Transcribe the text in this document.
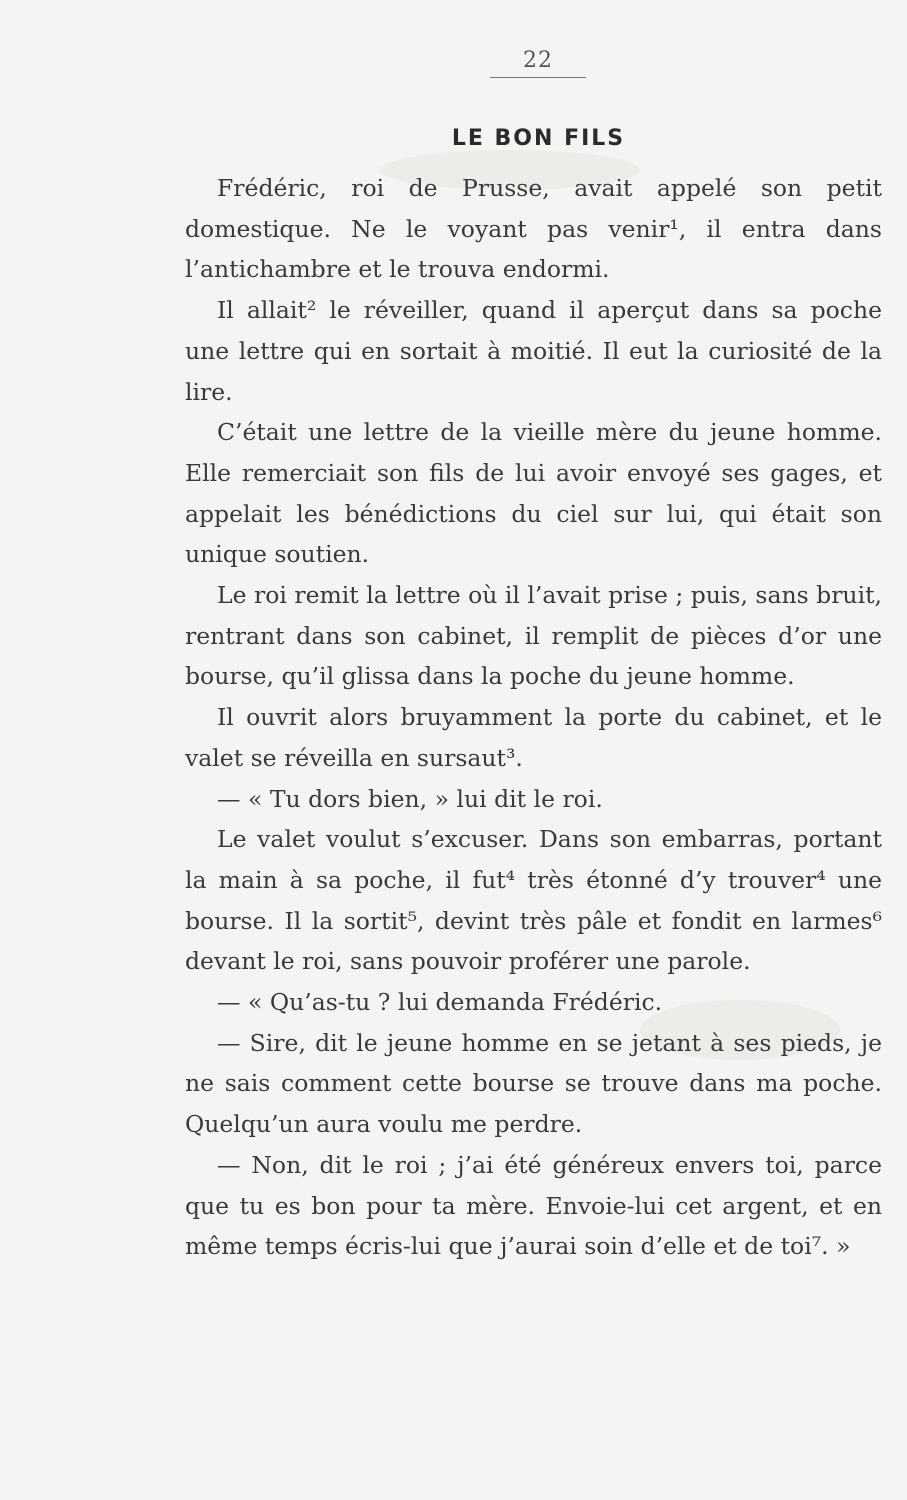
22
LE BON FILS

Frédéric, roi de Prusse, avait appelé son petit domestique. Ne le voyant pas venir¹, il entra dans l’antichambre et le trouva endormi.

Il allait² le réveiller, quand il aperçut dans sa poche une lettre qui en sortait à moitié. Il eut la curiosité de la lire.

C’était une lettre de la vieille mère du jeune homme. Elle remerciait son fils de lui avoir envoyé ses gages, et appelait les bénédictions du ciel sur lui, qui était son unique soutien.

Le roi remit la lettre où il l’avait prise ; puis, sans bruit, rentrant dans son cabinet, il remplit de pièces d’or une bourse, qu’il glissa dans la poche du jeune homme.

Il ouvrit alors bruyamment la porte du cabinet, et le valet se réveilla en sursaut³.

— « Tu dors bien, » lui dit le roi.

Le valet voulut s’excuser. Dans son embarras, portant la main à sa poche, il fut⁴ très étonné d’y trouver⁴ une bourse. Il la sortit⁵, devint très pâle et fondit en larmes⁶ devant le roi, sans pouvoir proférer une parole.

— « Qu’as-tu ? lui demanda Frédéric.

— Sire, dit le jeune homme en se jetant à ses pieds, je ne sais comment cette bourse se trouve dans ma poche. Quelqu’un aura voulu me perdre.

— Non, dit le roi ; j’ai été généreux envers toi, parce que tu es bon pour ta mère. Envoie-lui cet argent, et en même temps écris-lui que j’aurai soin d’elle et de toi⁷. »
